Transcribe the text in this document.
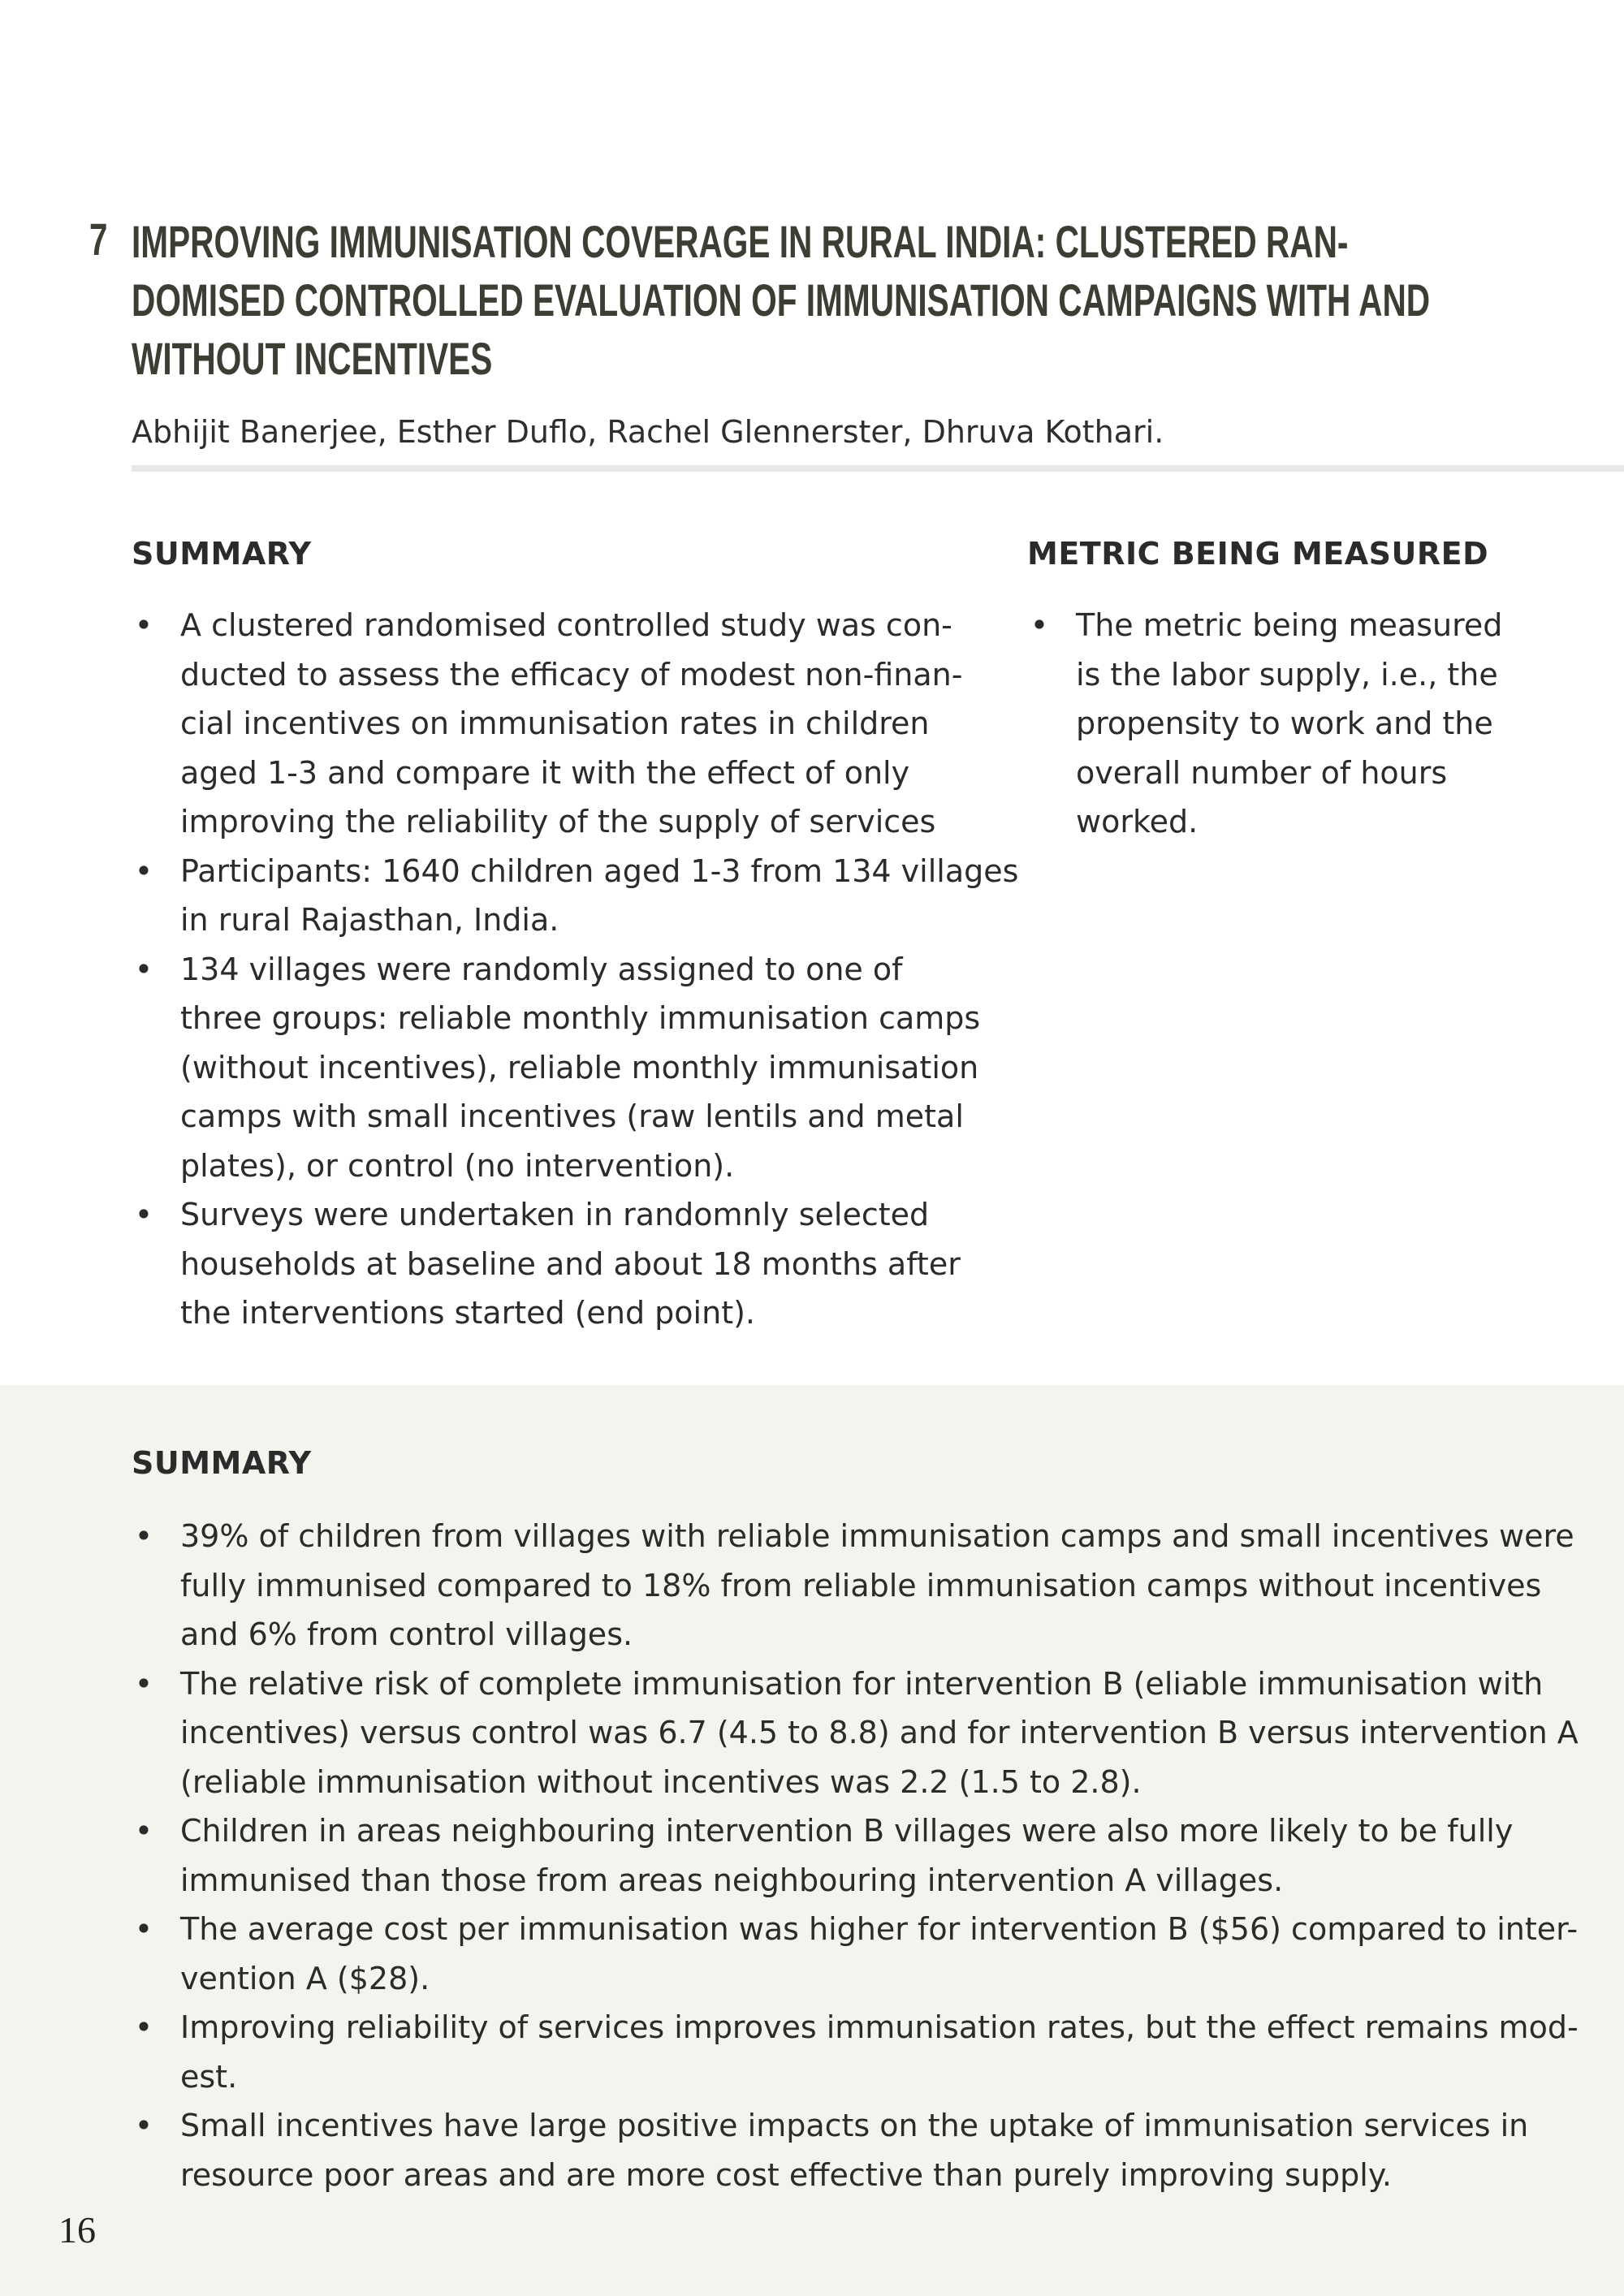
7 IMPROVING IMMUNISATION COVERAGE IN RURAL INDIA: CLUSTERED RAN-
DOMISED CONTROLLED EVALUATION OF IMMUNISATION CAMPAIGNS WITH AND
WITHOUT INCENTIVES
Abhijit Banerjee, Esther Duflo, Rachel Glennerster, Dhruva Kothari.
SUMMARY
• A clustered randomised controlled study was con-
ducted to assess the efficacy of modest non-finan-
cial incentives on immunisation rates in children
aged 1-3 and compare it with the effect of only
improving the reliability of the supply of services
• Participants: 1640 children aged 1-3 from 134 villages
in rural Rajasthan, India.
• 134 villages were randomly assigned to one of
three groups: reliable monthly immunisation camps
(without incentives), reliable monthly immunisation
camps with small incentives (raw lentils and metal
plates), or control (no intervention).
• Surveys were undertaken in randomnly selected
households at baseline and about 18 months after
the interventions started (end point).
METRIC BEING MEASURED
• The metric being measured
is the labor supply, i.e., the
propensity to work and the
overall number of hours
worked.
SUMMARY
• 39% of children from villages with reliable immunisation camps and small incentives were
fully immunised compared to 18% from reliable immunisation camps without incentives
and 6% from control villages.
• The relative risk of complete immunisation for intervention B (eliable immunisation with
incentives) versus control was 6.7 (4.5 to 8.8) and for intervention B versus intervention A
(reliable immunisation without incentives was 2.2 (1.5 to 2.8).
• Children in areas neighbouring intervention B villages were also more likely to be fully
immunised than those from areas neighbouring intervention A villages.
• The average cost per immunisation was higher for intervention B ($56) compared to inter-
vention A ($28).
• Improving reliability of services improves immunisation rates, but the effect remains mod-
est.
• Small incentives have large positive impacts on the uptake of immunisation services in
resource poor areas and are more cost effective than purely improving supply.
16
